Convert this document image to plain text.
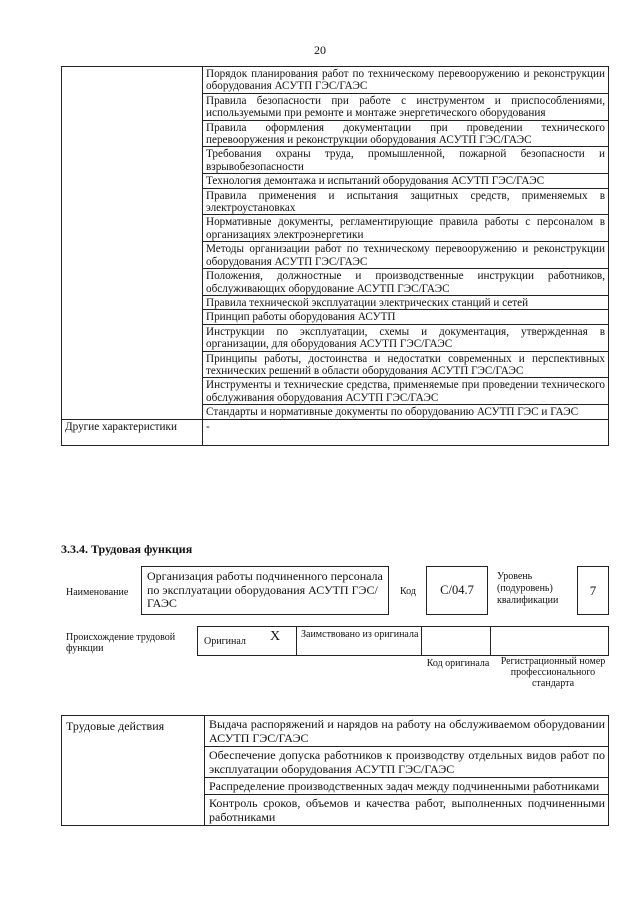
20
	Порядок планирования работ по техническому перевооружению и реконструкции оборудования АСУТП ГЭС/ГАЭС
	Правила безопасности при работе с инструментом и приспособлениями, используемыми при ремонте и монтаже энергетического оборудования
	Правила оформления документации при проведении технического перевооружения и реконструкции оборудования АСУТП ГЭС/ГАЭС
	Требования охраны труда, промышленной, пожарной безопасности и взрывобезопасности
	Технология демонтажа и испытаний оборудования АСУТП ГЭС/ГАЭС
	Правила применения и испытания защитных средств, применяемых в электроустановках
	Нормативные документы, регламентирующие правила работы с персоналом в организациях электроэнергетики
	Методы организации работ по техническому перевооружению и реконструкции оборудования АСУТП ГЭС/ГАЭС
	Положения, должностные и производственные инструкции работников, обслуживающих оборудование АСУТП ГЭС/ГАЭС
	Правила технической эксплуатации электрических станций и сетей
	Принцип работы оборудования АСУТП
	Инструкции по эксплуатации, схемы и документация, утвержденная в организации, для оборудования АСУТП ГЭС/ГАЭС
	Принципы работы, достоинства и недостатки современных и перспективных технических решений в области оборудования АСУТП ГЭС/ГАЭС
	Инструменты и технические средства, применяемые при проведении технического обслуживания оборудования АСУТП ГЭС/ГАЭС
	Стандарты и нормативные документы по оборудованию АСУТП ГЭС и ГАЭС
Другие характеристики	-
3.3.4. Трудовая функция
Наименование
Организация работы подчиненного персонала по эксплуатации оборудования АСУТП ГЭС/ГАЭС
Код	C/04.7
Уровень (подуровень) квалификации
7
Происхождение трудовой функции
Оригинал X	Заимствовано из оригинала

Код оригинала	Регистрационный номер профессионального стандарта
Трудовые действия	Выдача распоряжений и нарядов на работу на обслуживаемом оборудовании АСУТП ГЭС/ГАЭС
Обеспечение допуска работников к производству отдельных видов работ по эксплуатации оборудования АСУТП ГЭС/ГАЭС
Распределение производственных задач между подчиненными работниками
Контроль сроков, объемов и качества работ, выполненных подчиненными работниками
